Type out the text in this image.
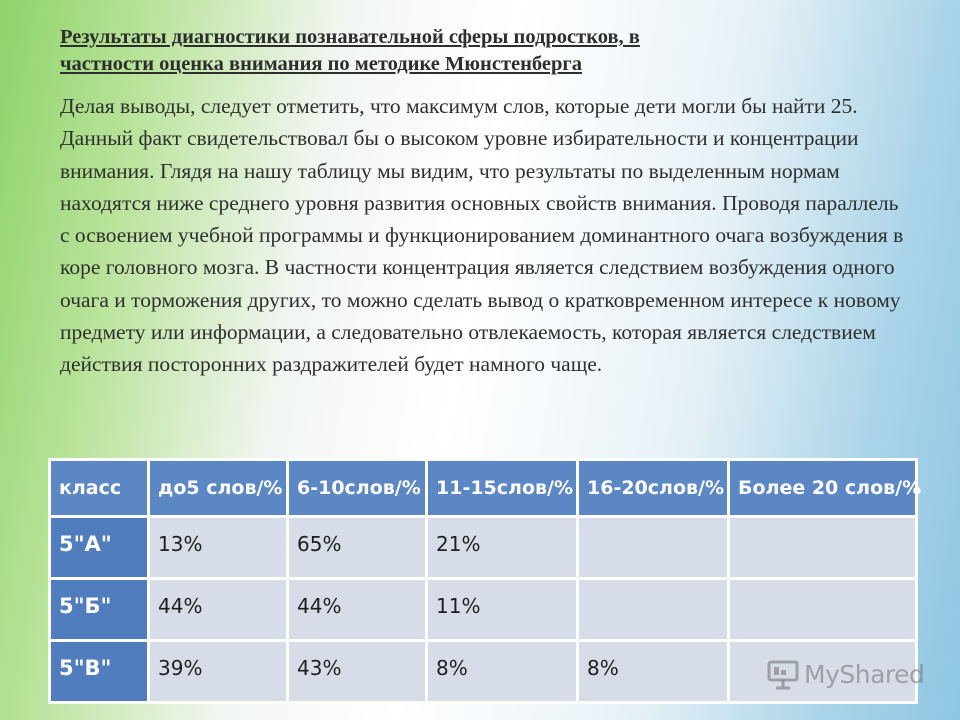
Результаты диагностики познавательной сферы подростков, в
частности оценка внимания по методике Мюнстенберга

Делая выводы, следует отметить, что максимум слов, которые дети могли бы найти 25. Данный факт свидетельствовал бы о высоком уровне избирательности и концентрации внимания. Глядя на нашу таблицу мы видим, что результаты по выделенным нормам находятся ниже среднего уровня развития основных свойств внимания. Проводя параллель с освоением учебной программы и функционированием доминантного очага возбуждения в коре головного мозга. В частности концентрация является следствием возбуждения одного очага и торможения других, то можно сделать вывод о кратковременном интересе к новому предмету или информации, а следовательно отвлекаемость, которая является следствием действия посторонних раздражителей будет намного чаще.

класс	до5 слов/%	6-10слов/%	11-15слов/%	16-20слов/%	Более 20 слов/%
5"А"	13%	65%	21%		
5"Б"	44%	44%	11%		
5"В"	39%	43%	8%	8%		MyShared
